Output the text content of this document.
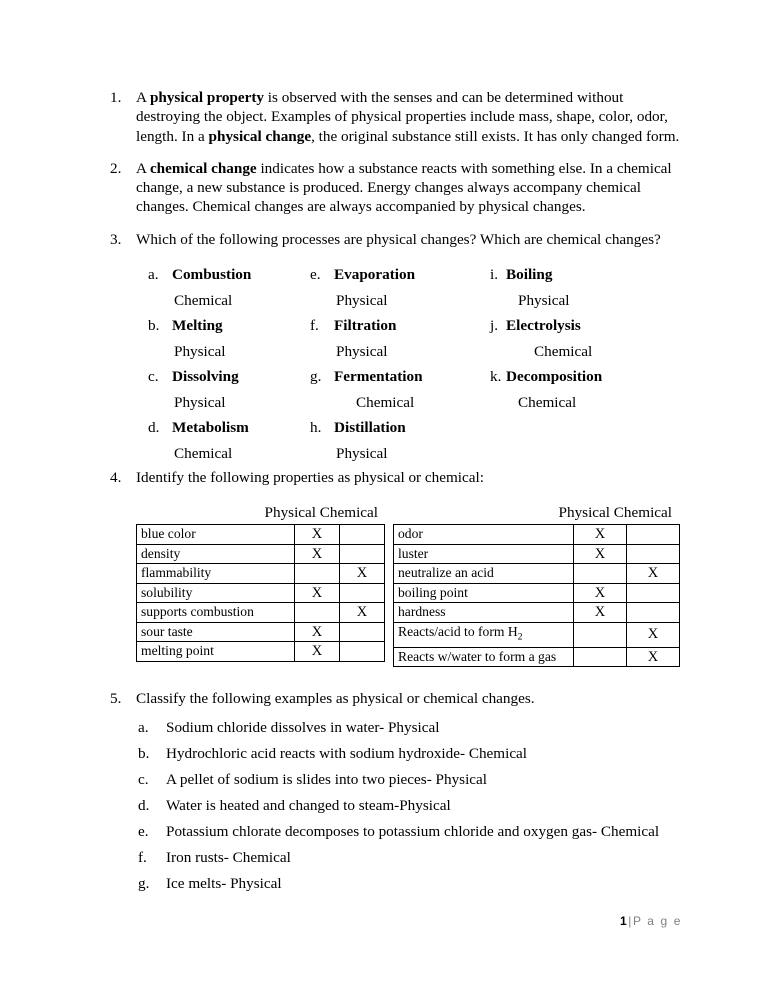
1. A physical property is observed with the senses and can be determined without destroying the object. Examples of physical properties include mass, shape, color, odor, length. In a physical change, the original substance still exists. It has only changed form.
2. A chemical change indicates how a substance reacts with something else. In a chemical change, a new substance is produced. Energy changes always accompany chemical changes. Chemical changes are always accompanied by physical changes.
3. Which of the following processes are physical changes? Which are chemical changes?
a. Combustion
Chemical
b. Melting
Physical
c. Dissolving
Physical
d. Metabolism
Chemical
e. Evaporation
Physical
f. Filtration
Physical
g. Fermentation
Chemical
h. Distillation
Physical
i. Boiling
Physical
j. Electrolysis
Chemical
k. Decomposition
Chemical
4. Identify the following properties as physical or chemical:
Physical Chemical
blue color	X	
density	X	
flammability		X
solubility	X	
supports combustion		X
sour taste	X	
melting point	X	
Physical Chemical
odor	X	
luster	X	
neutralize an acid		X
boiling point	X	
hardness	X	
Reacts/acid to form $H_2$		X
Reacts w/water to form a gas		X
5. Classify the following examples as physical or chemical changes.
a. Sodium chloride dissolves in water- Physical
b. Hydrochloric acid reacts with sodium hydroxide- Chemical
c. A pellet of sodium is slides into two pieces- Physical
d. Water is heated and changed to steam-Physical
e. Potassium chlorate decomposes to potassium chloride and oxygen gas- Chemical
f. Iron rusts- Chemical
g. Ice melts- Physical
1|P a g e
